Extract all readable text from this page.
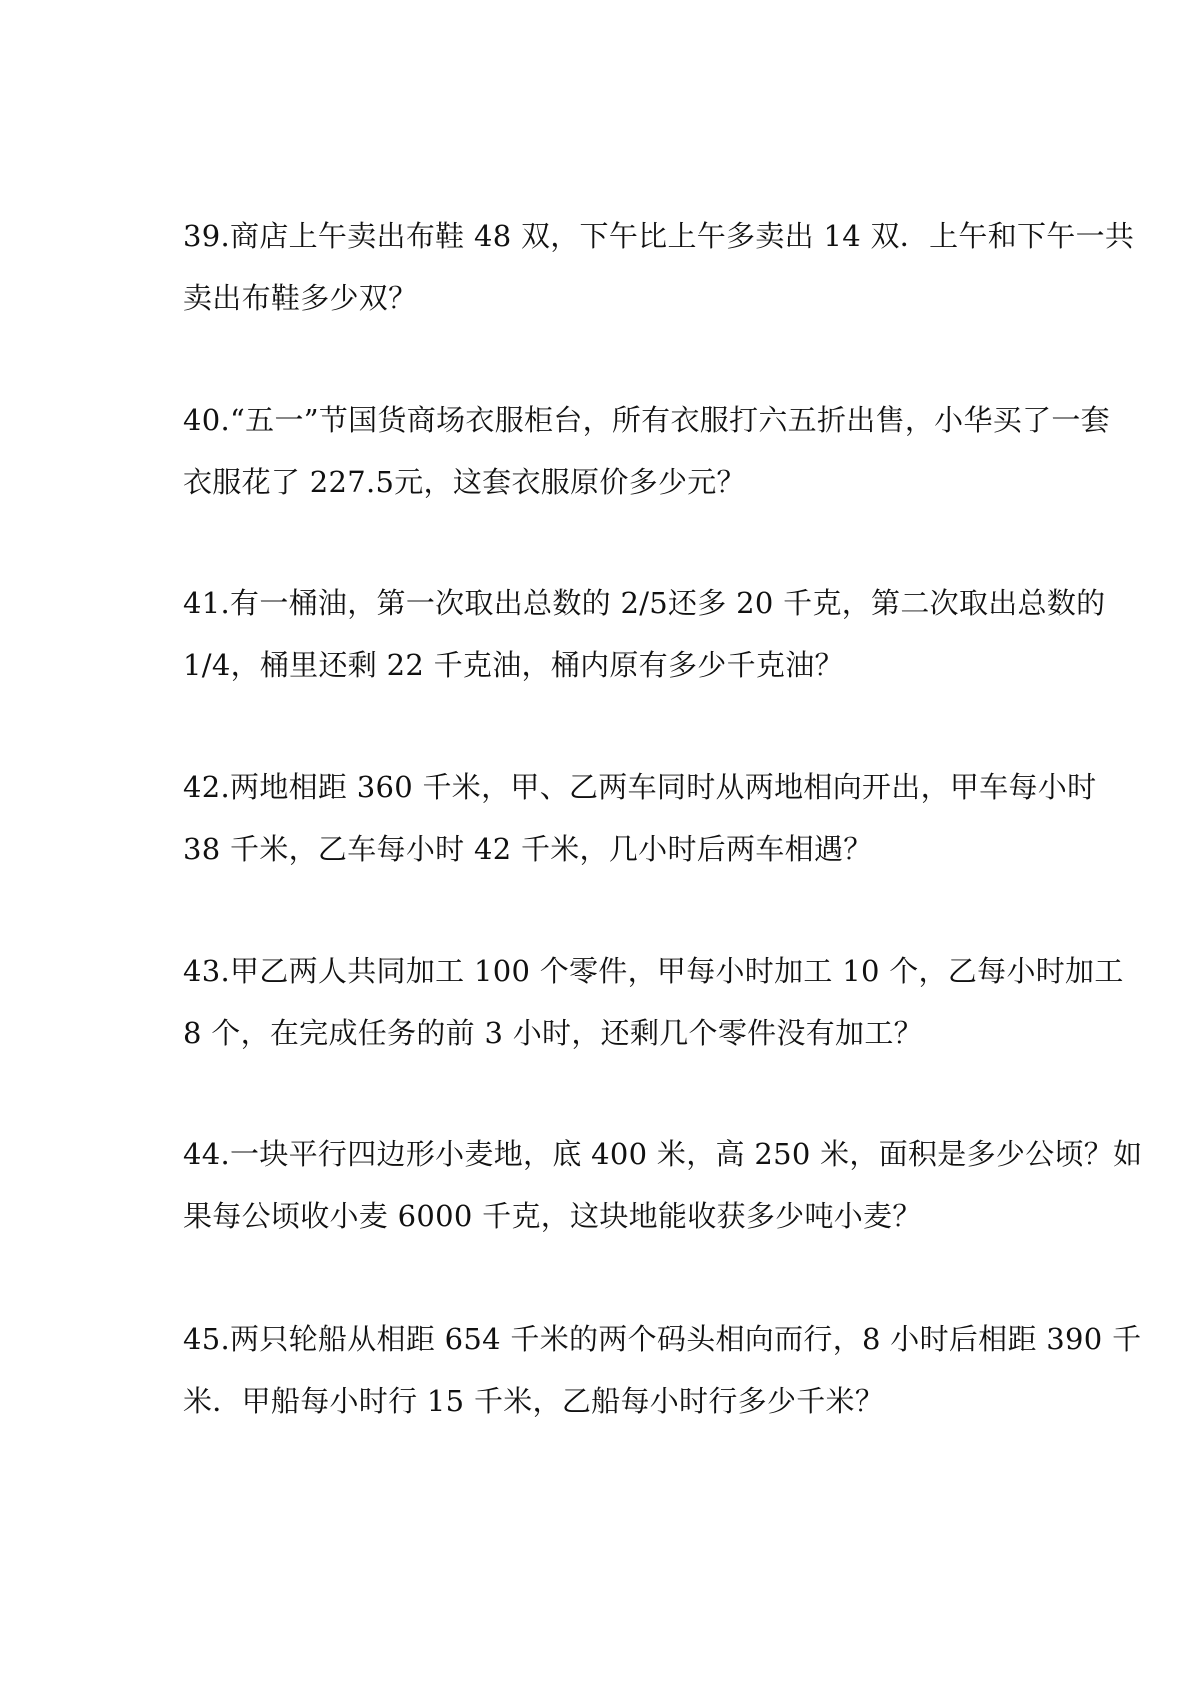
39.商店上午卖出布鞋 48 双，下午比上午多卖出 14 双．上午和下午一共
卖出布鞋多少双？
40.“五一”节国货商场衣服柜台，所有衣服打六五折出售，小华买了一套
衣服花了 227.5元，这套衣服原价多少元？
41.有一桶油，第一次取出总数的 2/5还多 20 千克，第二次取出总数的
1/4，桶里还剩 22 千克油，桶内原有多少千克油？
42.两地相距 360 千米，甲、乙两车同时从两地相向开出，甲车每小时
38 千米，乙车每小时 42 千米，几小时后两车相遇？
43.甲乙两人共同加工 100 个零件，甲每小时加工 10 个，乙每小时加工
8 个，在完成任务的前 3 小时，还剩几个零件没有加工？
44.一块平行四边形小麦地，底 400 米，高 250 米，面积是多少公顷？如
果每公顷收小麦 6000 千克，这块地能收获多少吨小麦？
45.两只轮船从相距 654 千米的两个码头相向而行，8 小时后相距 390 千
米．甲船每小时行 15 千米，乙船每小时行多少千米？
